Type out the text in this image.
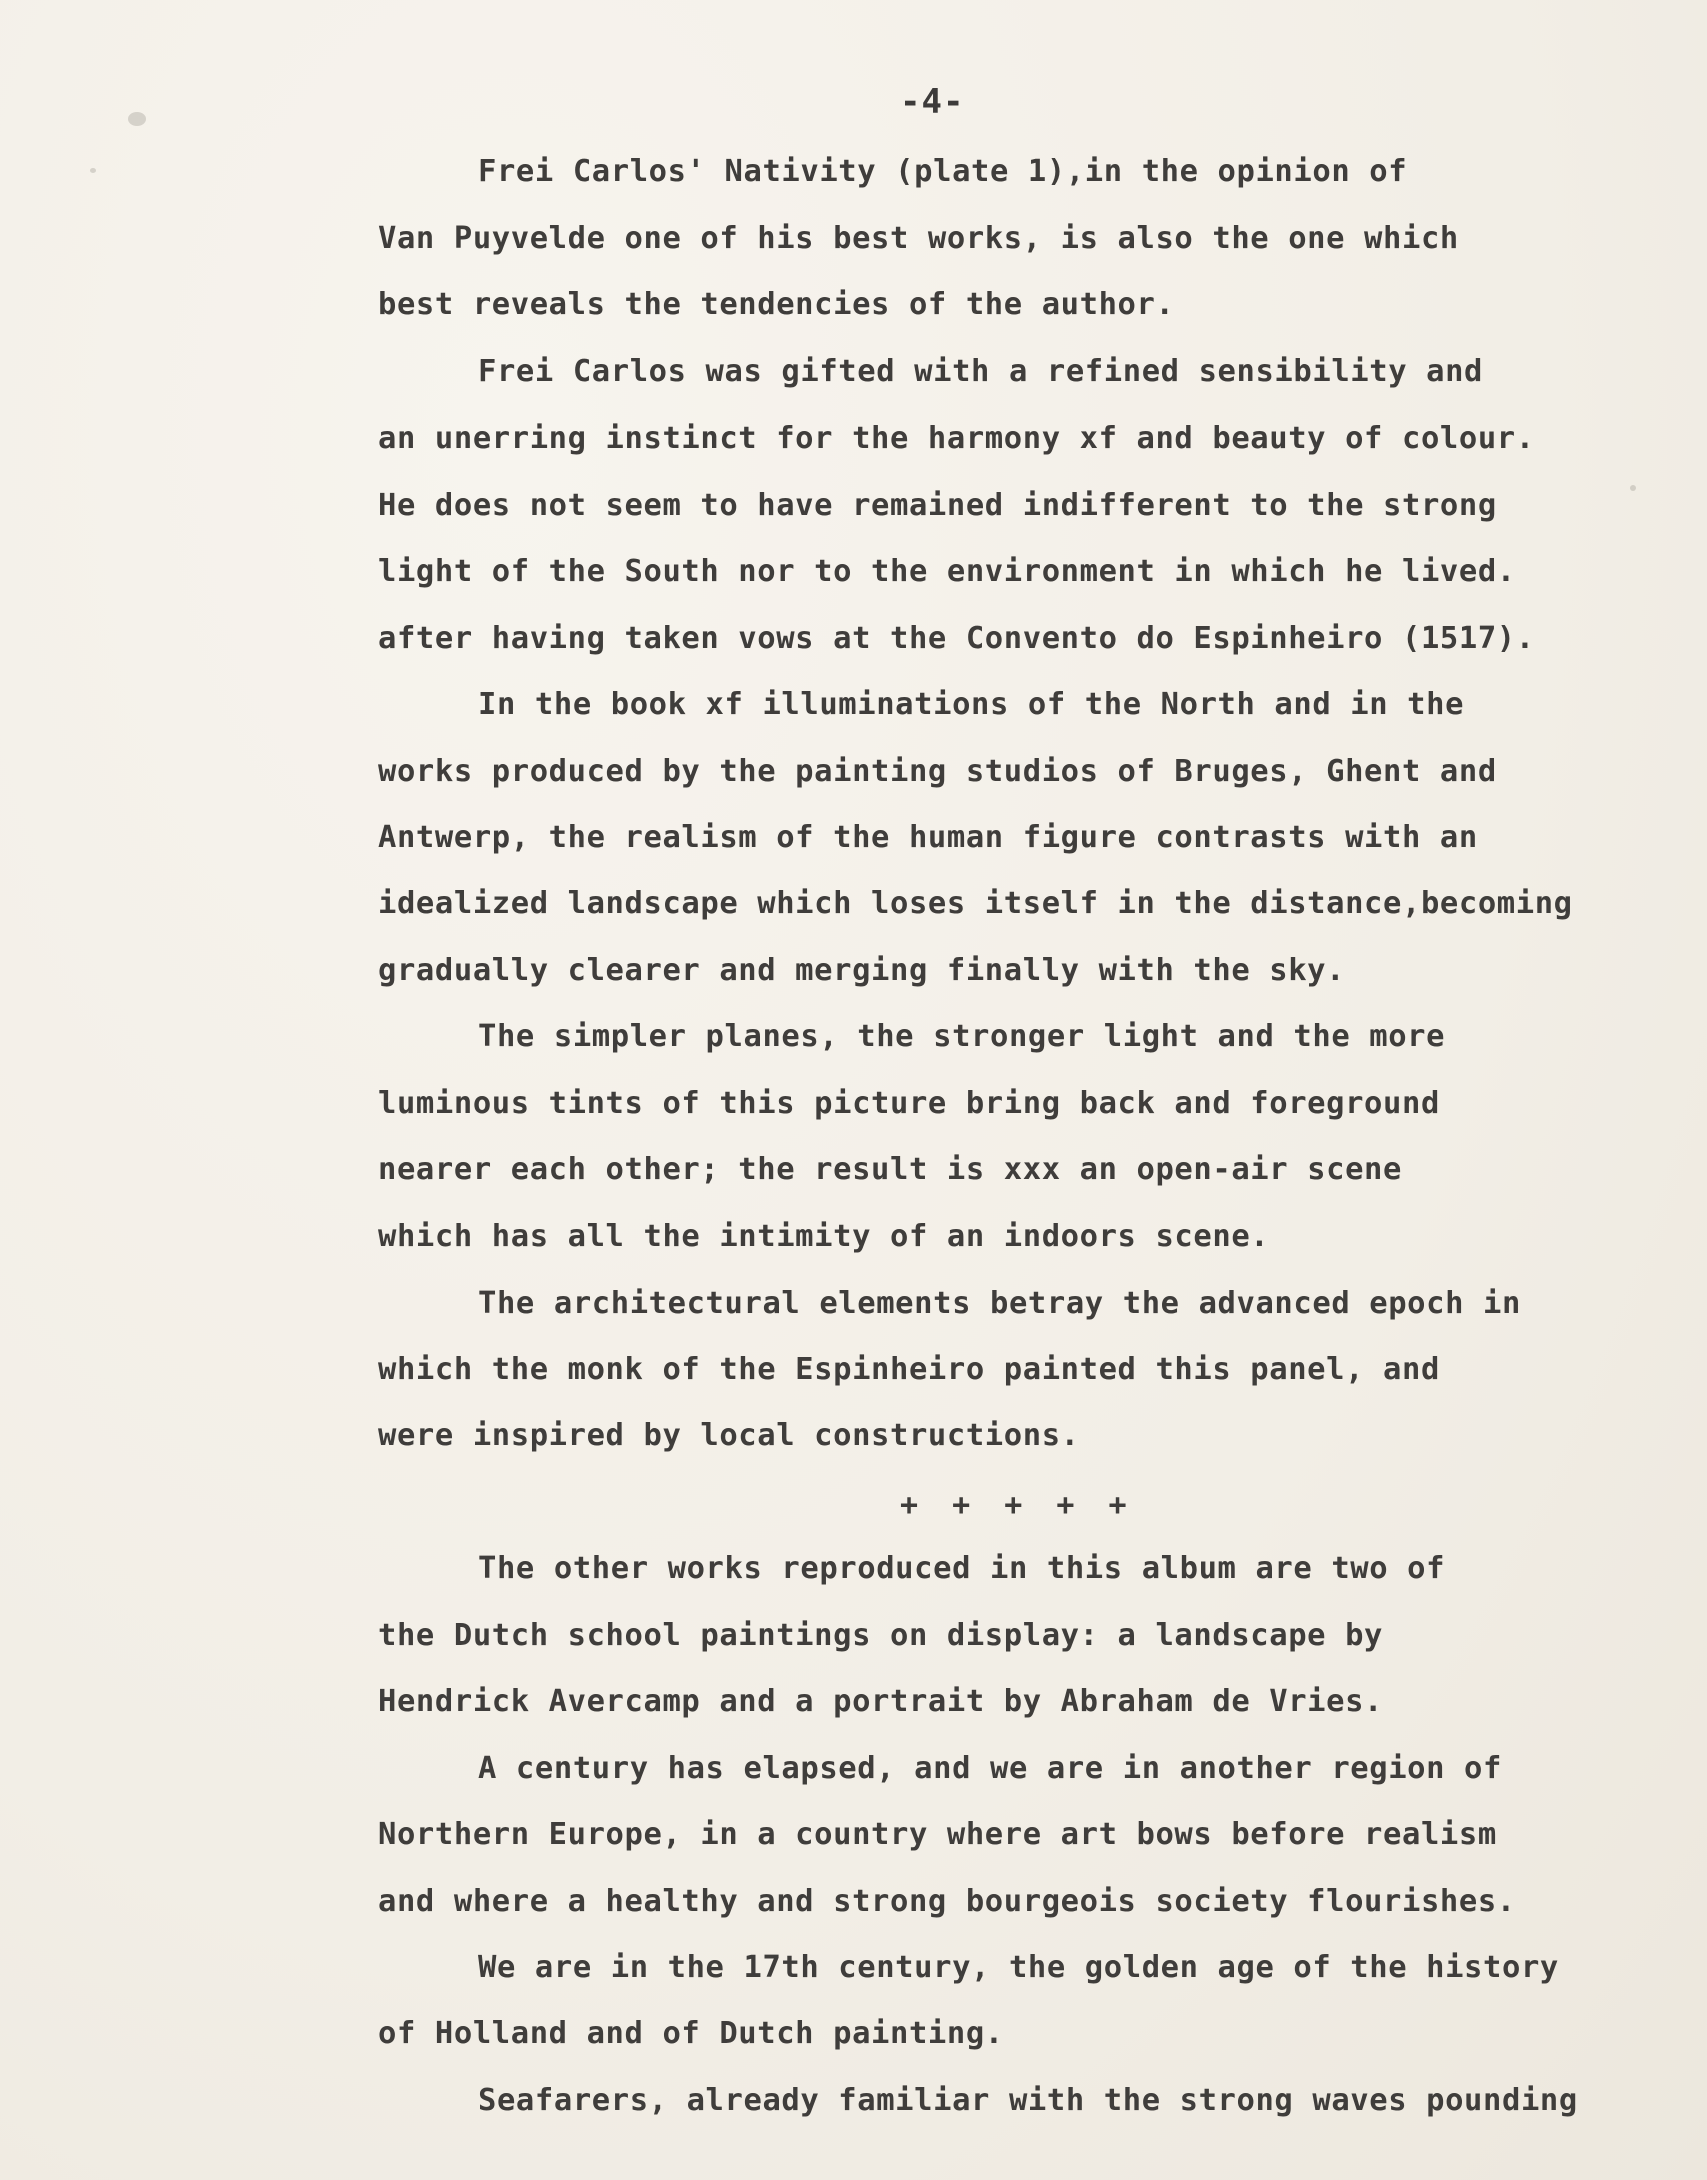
-4-
Frei Carlos' Nativity (plate 1),in the opinion of
Van Puyvelde one of his best works, is also the one which
best reveals the tendencies of the author.
Frei Carlos was gifted with a refined sensibility and
an unerring instinct for the harmony xf and beauty of colour.
He does not seem to have remained indifferent to the strong
light of the South nor to the environment in which he lived.
after having taken vows at the Convento do Espinheiro (1517).
In the book xf illuminations of the North and in the
works produced by the painting studios of Bruges, Ghent and
Antwerp, the realism of the human figure contrasts with an
idealized landscape which loses itself in the distance,becoming
gradually clearer and merging finally with the sky.
The simpler planes, the stronger light and the more
luminous tints of this picture bring back and foreground
nearer each other; the result is xxx an open-air scene
which has all the intimity of an indoors scene.
The architectural elements betray the advanced epoch in
which the monk of the Espinheiro painted this panel, and
were inspired by local constructions.
+ + + + +
The other works reproduced in this album are two of
the Dutch school paintings on display: a landscape by
Hendrick Avercamp and a portrait by Abraham de Vries.
A century has elapsed, and we are in another region of
Northern Europe, in a country where art bows before realism
and where a healthy and strong bourgeois society flourishes.
We are in the 17th century, the golden age of the history
of Holland and of Dutch painting.
Seafarers, already familiar with the strong waves pounding
